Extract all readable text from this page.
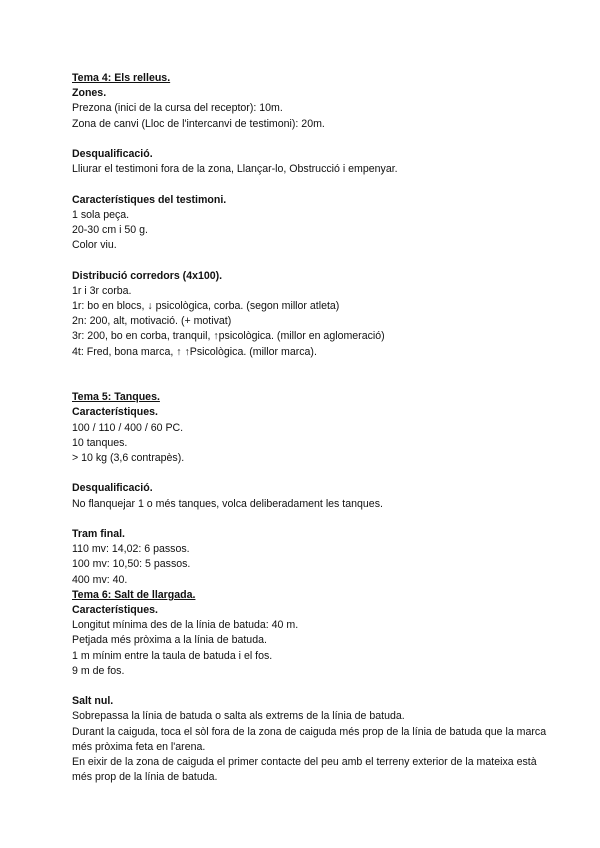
Tema 4: Els relleus.
Zones.
Prezona (inici de la cursa del receptor): 10m.
Zona de canvi (Lloc de l'intercanvi de testimoni): 20m.
Desqualificació.
Lliurar el testimoni fora de la zona, Llançar-lo, Obstrucció i empenyar.
Característiques del testimoni.
1 sola peça.
20-30 cm i 50 g.
Color viu.
Distribució corredors (4x100).
1r i 3r corba.
1r: bo en blocs, ↓ psicològica, corba. (segon millor atleta)
2n: 200, alt, motivació. (+ motivat)
3r: 200, bo en corba, tranquil, ↑psicològica. (millor en aglomeració)
4t: Fred, bona marca, ↑ ↑Psicològica. (millor marca).
Tema 5: Tanques.
Característiques.
100 / 110 / 400 / 60 PC.
10 tanques.
> 10 kg (3,6 contrapès).
Desqualificació.
No flanquejar 1 o més tanques, volca deliberadament les tanques.
Tram final.
110 mv: 14,02: 6 passos.
100 mv: 10,50: 5 passos.
400 mv: 40.
Tema 6: Salt de llargada.
Característiques.
Longitut mínima des de la línia de batuda: 40 m.
Petjada més pròxima a la línia de batuda.
1 m mínim entre la taula de batuda i el fos.
9 m de fos.
Salt nul.
Sobrepassa la línia de batuda o salta als extrems de la línia de batuda.
Durant la caiguda, toca el sòl fora de la zona de caiguda més prop de la línia de batuda que la marca més pròxima feta en l'arena.
En eixir de la zona de caiguda el primer contacte del peu amb el terreny exterior de la mateixa està més prop de la línia de batuda.
